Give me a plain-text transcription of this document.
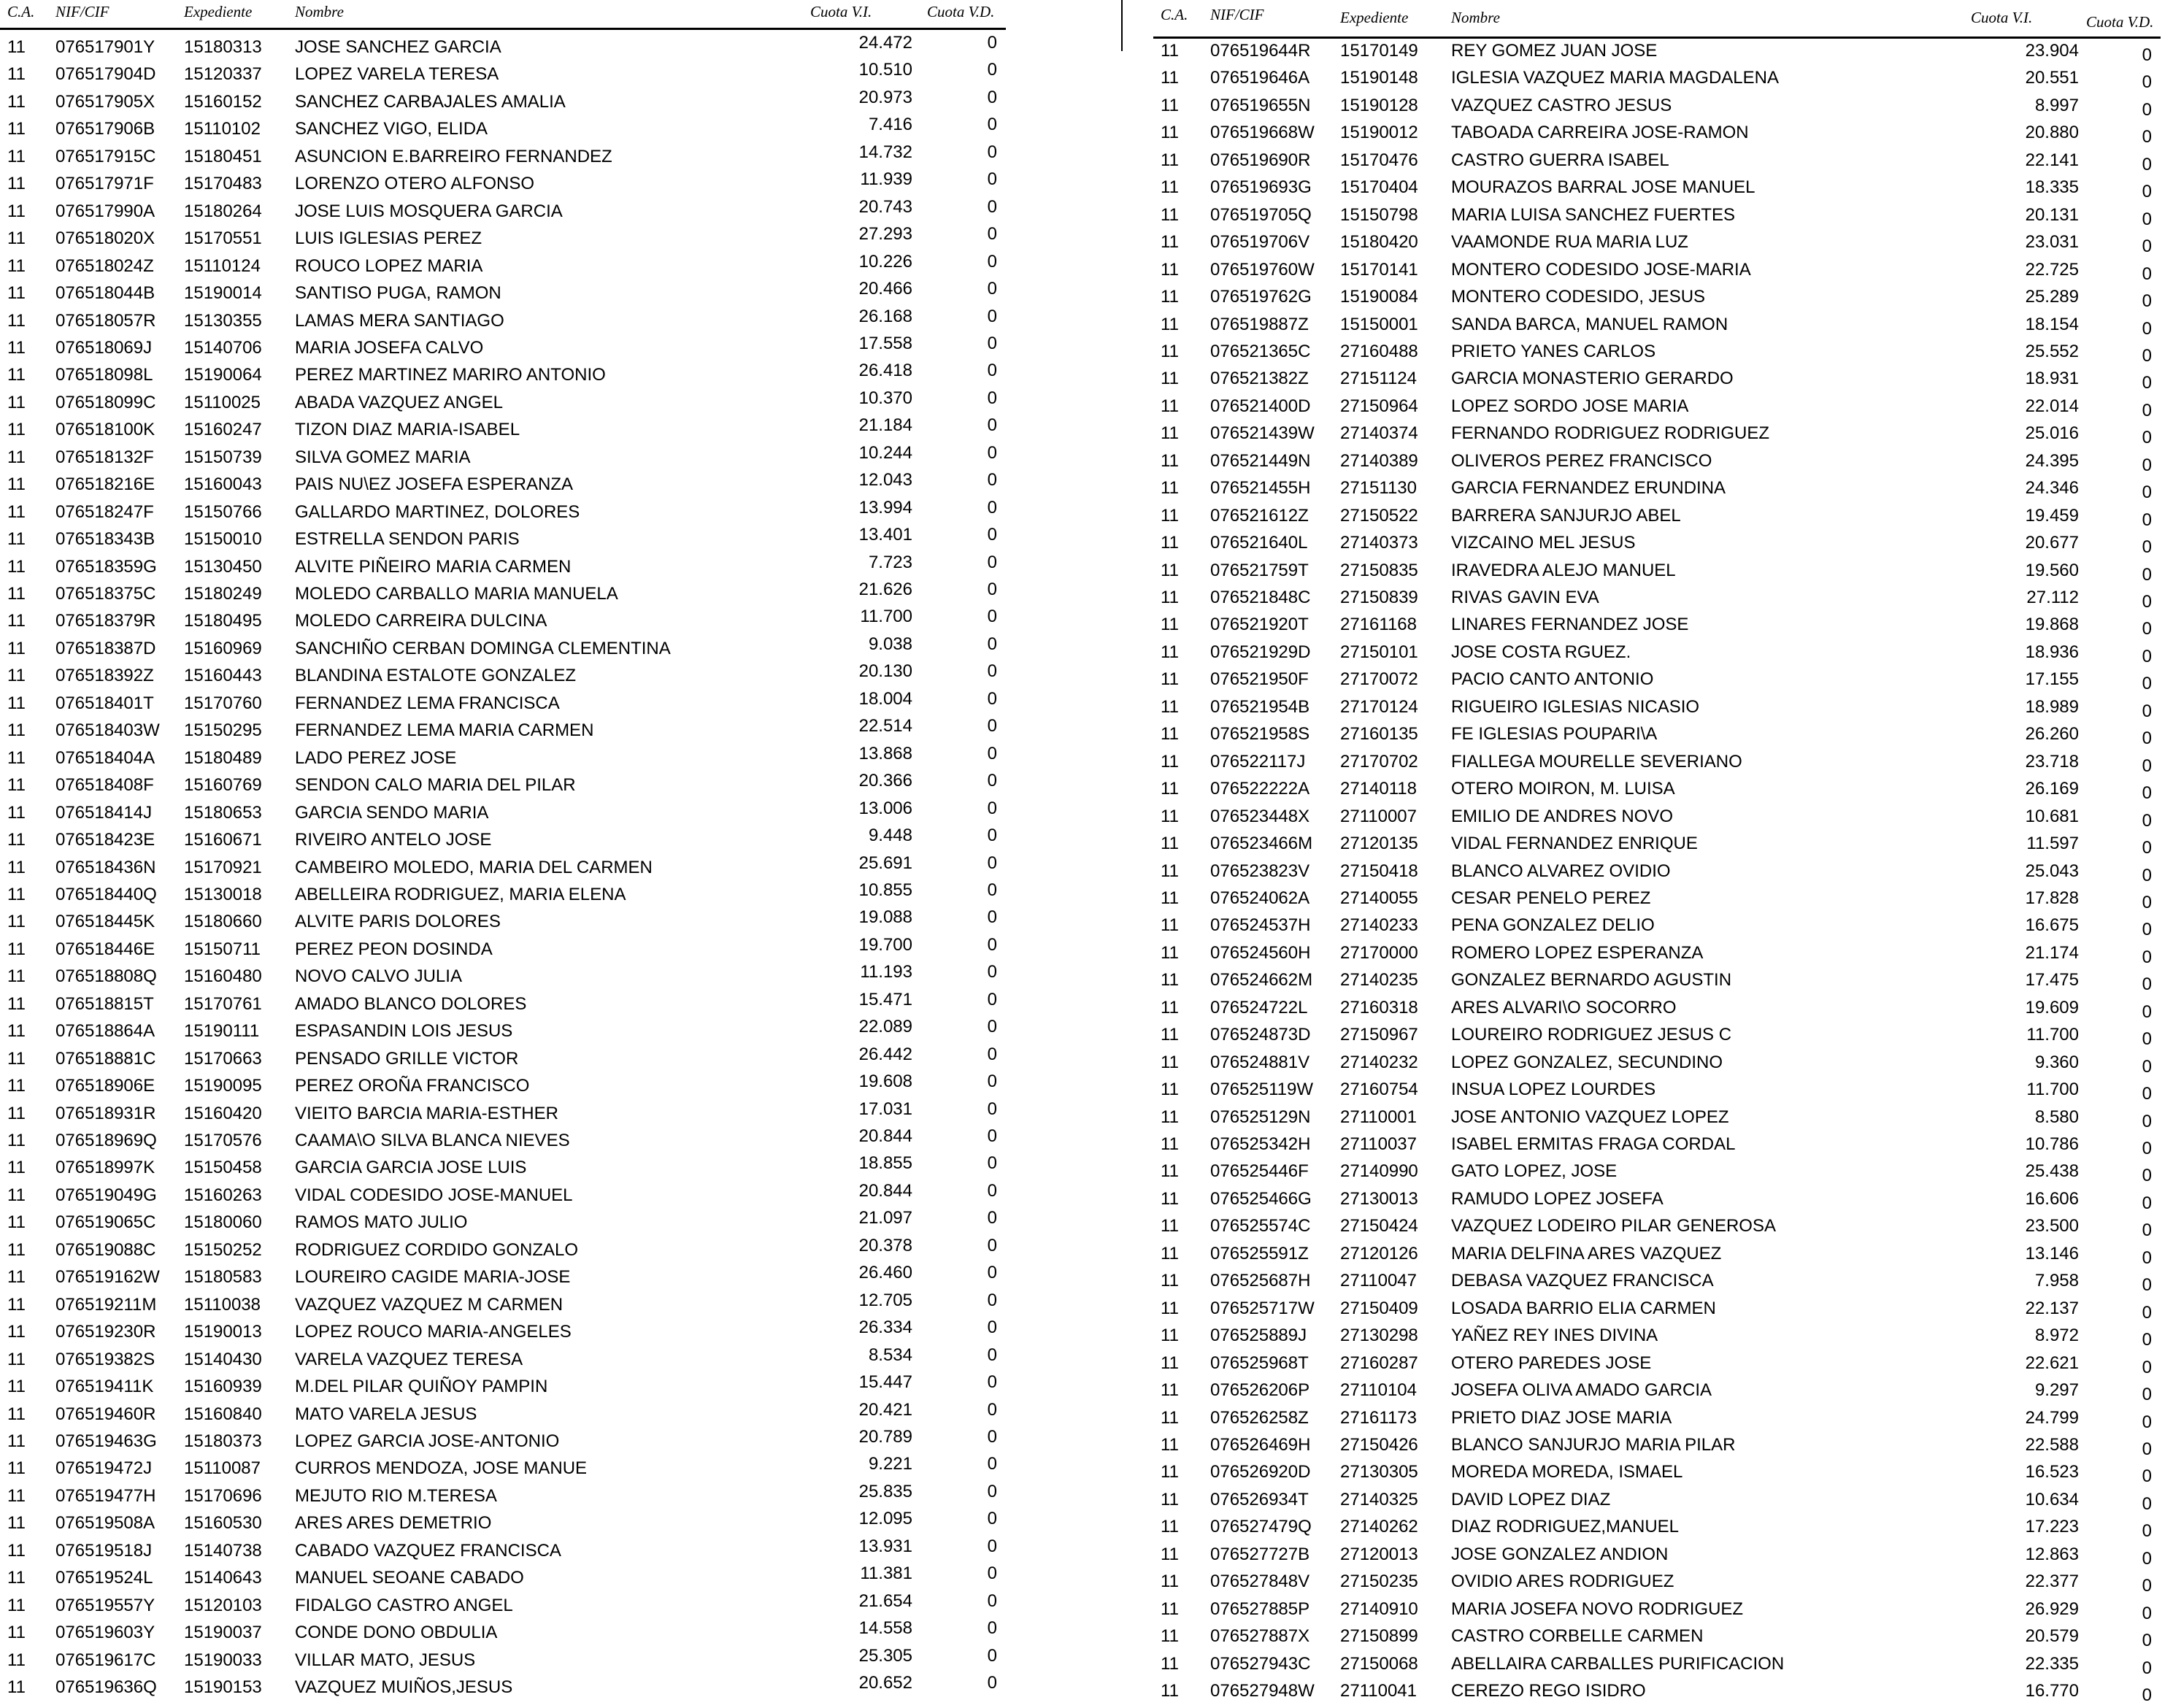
C.A. NIF/CIF	Expediente	Nombre	Cuota V.I.	Cuota V.D.
11 076517901Y 15180313 JOSE SANCHEZ GARCIA	24.472	0
11 076517904D 15120337 LOPEZ VARELA TERESA	10.510	0
11 076517905X 15160152 SANCHEZ CARBAJALES AMALIA	20.973	0
11 076517906B 15110102 SANCHEZ VIGO, ELIDA	7.416	0
11 076517915C 15180451 ASUNCION E.BARREIRO FERNANDEZ	14.732	0
11 076517971F 15170483 LORENZO OTERO ALFONSO	11.939	0
11 076517990A 15180264 JOSE LUIS MOSQUERA GARCIA	20.743	0
11 076518020X 15170551 LUIS IGLESIAS PEREZ	27.293	0
11 076518024Z 15110124 ROUCO LOPEZ MARIA	10.226	0
11 076518044B 15190014 SANTISO PUGA, RAMON	20.466	0
11 076518057R 15130355 LAMAS MERA SANTIAGO	26.168	0
11 076518069J 15140706 MARIA JOSEFA CALVO	17.558	0
11 076518098L 15190064 PEREZ MARTINEZ MARIRO ANTONIO	26.418	0
11 076518099C 15110025 ABADA VAZQUEZ ANGEL	10.370	0
11 076518100K 15160247 TIZON DIAZ MARIA-ISABEL	21.184	0
11 076518132F 15150739 SILVA GOMEZ MARIA	10.244	0
11 076518216E 15160043 PAIS NU\EZ JOSEFA ESPERANZA	12.043	0
11 076518247F 15150766 GALLARDO MARTINEZ, DOLORES	13.994	0
11 076518343B 15150010 ESTRELLA SENDON PARIS	13.401	0
11 076518359G 15130450 ALVITE PIÑEIRO MARIA CARMEN	7.723	0
11 076518375C 15180249 MOLEDO CARBALLO MARIA MANUELA	21.626	0
11 076518379R 15180495 MOLEDO CARREIRA DULCINA	11.700	0
11 076518387D 15160969 SANCHIÑO CERBAN DOMINGA CLEMENTINA	9.038	0
11 076518392Z 15160443 BLANDINA ESTALOTE GONZALEZ	20.130	0
11 076518401T 15170760 FERNANDEZ LEMA FRANCISCA	18.004	0
11 076518403W 15150295 FERNANDEZ LEMA MARIA CARMEN	22.514	0
11 076518404A 15180489 LADO PEREZ JOSE	13.868	0
11 076518408F 15160769 SENDON CALO MARIA DEL PILAR	20.366	0
11 076518414J 15180653 GARCIA SENDO MARIA	13.006	0
11 076518423E 15160671 RIVEIRO ANTELO JOSE	9.448	0
11 076518436N 15170921 CAMBEIRO MOLEDO, MARIA DEL CARMEN	25.691	0
11 076518440Q 15130018 ABELLEIRA RODRIGUEZ, MARIA ELENA	10.855	0
11 076518445K 15180660 ALVITE PARIS DOLORES	19.088	0
11 076518446E 15150711 PEREZ PEON DOSINDA	19.700	0
11 076518808Q 15160480 NOVO CALVO JULIA	11.193	0
11 076518815T 15170761 AMADO BLANCO DOLORES	15.471	0
11 076518864A 15190111 ESPASANDIN LOIS JESUS	22.089	0
11 076518881C 15170663 PENSADO GRILLE VICTOR	26.442	0
11 076518906E 15190095 PEREZ OROÑA FRANCISCO	19.608	0
11 076518931R 15160420 VIEITO BARCIA MARIA-ESTHER	17.031	0
11 076518969Q 15170576 CAAMA\O SILVA BLANCA NIEVES	20.844	0
11 076518997K 15150458 GARCIA GARCIA JOSE LUIS	18.855	0
11 076519049G 15160263 VIDAL CODESIDO JOSE-MANUEL	20.844	0
11 076519065C 15180060 RAMOS MATO JULIO	21.097	0
11 076519088C 15150252 RODRIGUEZ CORDIDO GONZALO	20.378	0
11 076519162W 15180583 LOUREIRO CAGIDE MARIA-JOSE	26.460	0
11 076519211M 15110038 VAZQUEZ VAZQUEZ M CARMEN	12.705	0
11 076519230R 15190013 LOPEZ ROUCO MARIA-ANGELES	26.334	0
11 076519382S 15140430 VARELA VAZQUEZ TERESA	8.534	0
11 076519411K 15160939 M.DEL PILAR QUIÑOY PAMPIN	15.447	0
11 076519460R 15160840 MATO VARELA JESUS	20.421	0
11 076519463G 15180373 LOPEZ GARCIA JOSE-ANTONIO	20.789	0
11 076519472J 15110087 CURROS MENDOZA, JOSE MANUE	9.221	0
11 076519477H 15170696 MEJUTO RIO M.TERESA	25.835	0
11 076519508A 15160530 ARES ARES DEMETRIO	12.095	0
11 076519518J 15140738 CABADO VAZQUEZ FRANCISCA	13.931	0
11 076519524L 15140643 MANUEL SEOANE CABADO	11.381	0
11 076519557Y 15120103 FIDALGO CASTRO ANGEL	21.654	0
11 076519603Y 15190037 CONDE DONO OBDULIA	14.558	0
11 076519617C 15190033 VILLAR MATO, JESUS	25.305	0
11 076519636Q 15190153 VAZQUEZ MUIÑOS,JESUS	20.652	0
C.A. NIF/CIF	Expediente	Nombre	Cuota V.I.	Cuota V.D.
11 076519644R 15170149 REY GOMEZ JUAN JOSE	23.904	0
11 076519646A 15190148 IGLESIA VAZQUEZ MARIA MAGDALENA	20.551	0
11 076519655N 15190128 VAZQUEZ CASTRO JESUS	8.997	0
11 076519668W 15190012 TABOADA CARREIRA JOSE-RAMON	20.880	0
11 076519690R 15170476 CASTRO GUERRA ISABEL	22.141	0
11 076519693G 15170404 MOURAZOS BARRAL JOSE MANUEL	18.335	0
11 076519705Q 15150798 MARIA LUISA SANCHEZ FUERTES	20.131	0
11 076519706V 15180420 VAAMONDE RUA MARIA LUZ	23.031	0
11 076519760W 15170141 MONTERO CODESIDO JOSE-MARIA	22.725	0
11 076519762G 15190084 MONTERO CODESIDO, JESUS	25.289	0
11 076519887Z 15150001 SANDA BARCA, MANUEL RAMON	18.154	0
11 076521365C 27160488 PRIETO YANES CARLOS	25.552	0
11 076521382Z 27151124 GARCIA MONASTERIO GERARDO	18.931	0
11 076521400D 27150964 LOPEZ SORDO JOSE MARIA	22.014	0
11 076521439W 27140374 FERNANDO RODRIGUEZ RODRIGUEZ	25.016	0
11 076521449N 27140389 OLIVEROS PEREZ FRANCISCO	24.395	0
11 076521455H 27151130 GARCIA FERNANDEZ ERUNDINA	24.346	0
11 076521612Z 27150522 BARRERA SANJURJO ABEL	19.459	0
11 076521640L 27140373 VIZCAINO MEL JESUS	20.677	0
11 076521759T 27150835 IRAVEDRA ALEJO MANUEL	19.560	0
11 076521848C 27150839 RIVAS GAVIN EVA	27.112	0
11 076521920T 27161168 LINARES FERNANDEZ JOSE	19.868	0
11 076521929D 27150101 JOSE COSTA RGUEZ.	18.936	0
11 076521950F 27170072 PACIO CANTO ANTONIO	17.155	0
11 076521954B 27170124 RIGUEIRO IGLESIAS NICASIO	18.989	0
11 076521958S 27160135 FE IGLESIAS POUPARI\A	26.260	0
11 076522117J 27170702 FIALLEGA MOURELLE SEVERIANO	23.718	0
11 076522222A 27140118 OTERO MOIRON, M. LUISA	26.169	0
11 076523448X 27110007 EMILIO DE ANDRES NOVO	10.681	0
11 076523466M 27120135 VIDAL FERNANDEZ ENRIQUE	11.597	0
11 076523823V 27150418 BLANCO ALVAREZ OVIDIO	25.043	0
11 076524062A 27140055 CESAR PENELO PEREZ	17.828	0
11 076524537H 27140233 PENA GONZALEZ DELIO	16.675	0
11 076524560H 27170000 ROMERO LOPEZ ESPERANZA	21.174	0
11 076524662M 27140235 GONZALEZ BERNARDO AGUSTIN	17.475	0
11 076524722L 27160318 ARES ALVARI\O SOCORRO	19.609	0
11 076524873D 27150967 LOUREIRO RODRIGUEZ JESUS C	11.700	0
11 076524881V 27140232 LOPEZ GONZALEZ, SECUNDINO	9.360	0
11 076525119W 27160754 INSUA LOPEZ LOURDES	11.700	0
11 076525129N 27110001 JOSE ANTONIO VAZQUEZ LOPEZ	8.580	0
11 076525342H 27110037 ISABEL ERMITAS FRAGA CORDAL	10.786	0
11 076525446F 27140990 GATO LOPEZ, JOSE	25.438	0
11 076525466G 27130013 RAMUDO LOPEZ JOSEFA	16.606	0
11 076525574C 27150424 VAZQUEZ LODEIRO PILAR GENEROSA	23.500	0
11 076525591Z 27120126 MARIA DELFINA ARES VAZQUEZ	13.146	0
11 076525687H 27110047 DEBASA VAZQUEZ FRANCISCA	7.958	0
11 076525717W 27150409 LOSADA BARRIO ELIA CARMEN	22.137	0
11 076525889J 27130298 YAÑEZ REY INES DIVINA	8.972	0
11 076525968T 27160287 OTERO PAREDES JOSE	22.621	0
11 076526206P 27110104 JOSEFA OLIVA AMADO GARCIA	9.297	0
11 076526258Z 27161173 PRIETO DIAZ JOSE MARIA	24.799	0
11 076526469H 27150426 BLANCO SANJURJO MARIA PILAR	22.588	0
11 076526920D 27130305 MOREDA MOREDA, ISMAEL	16.523	0
11 076526934T 27140325 DAVID LOPEZ DIAZ	10.634	0
11 076527479Q 27140262 DIAZ RODRIGUEZ,MANUEL	17.223	0
11 076527727B 27120013 JOSE GONZALEZ ANDION	12.863	0
11 076527848V 27150235 OVIDIO ARES RODRIGUEZ	22.377	0
11 076527885P 27140910 MARIA JOSEFA NOVO RODRIGUEZ	26.929	0
11 076527887X 27150899 CASTRO CORBELLE CARMEN	20.579	0
11 076527943C 27150068 ABELLAIRA CARBALLES PURIFICACION	22.335	0
11 076527948W 27110041 CEREZO REGO ISIDRO	16.770	0
